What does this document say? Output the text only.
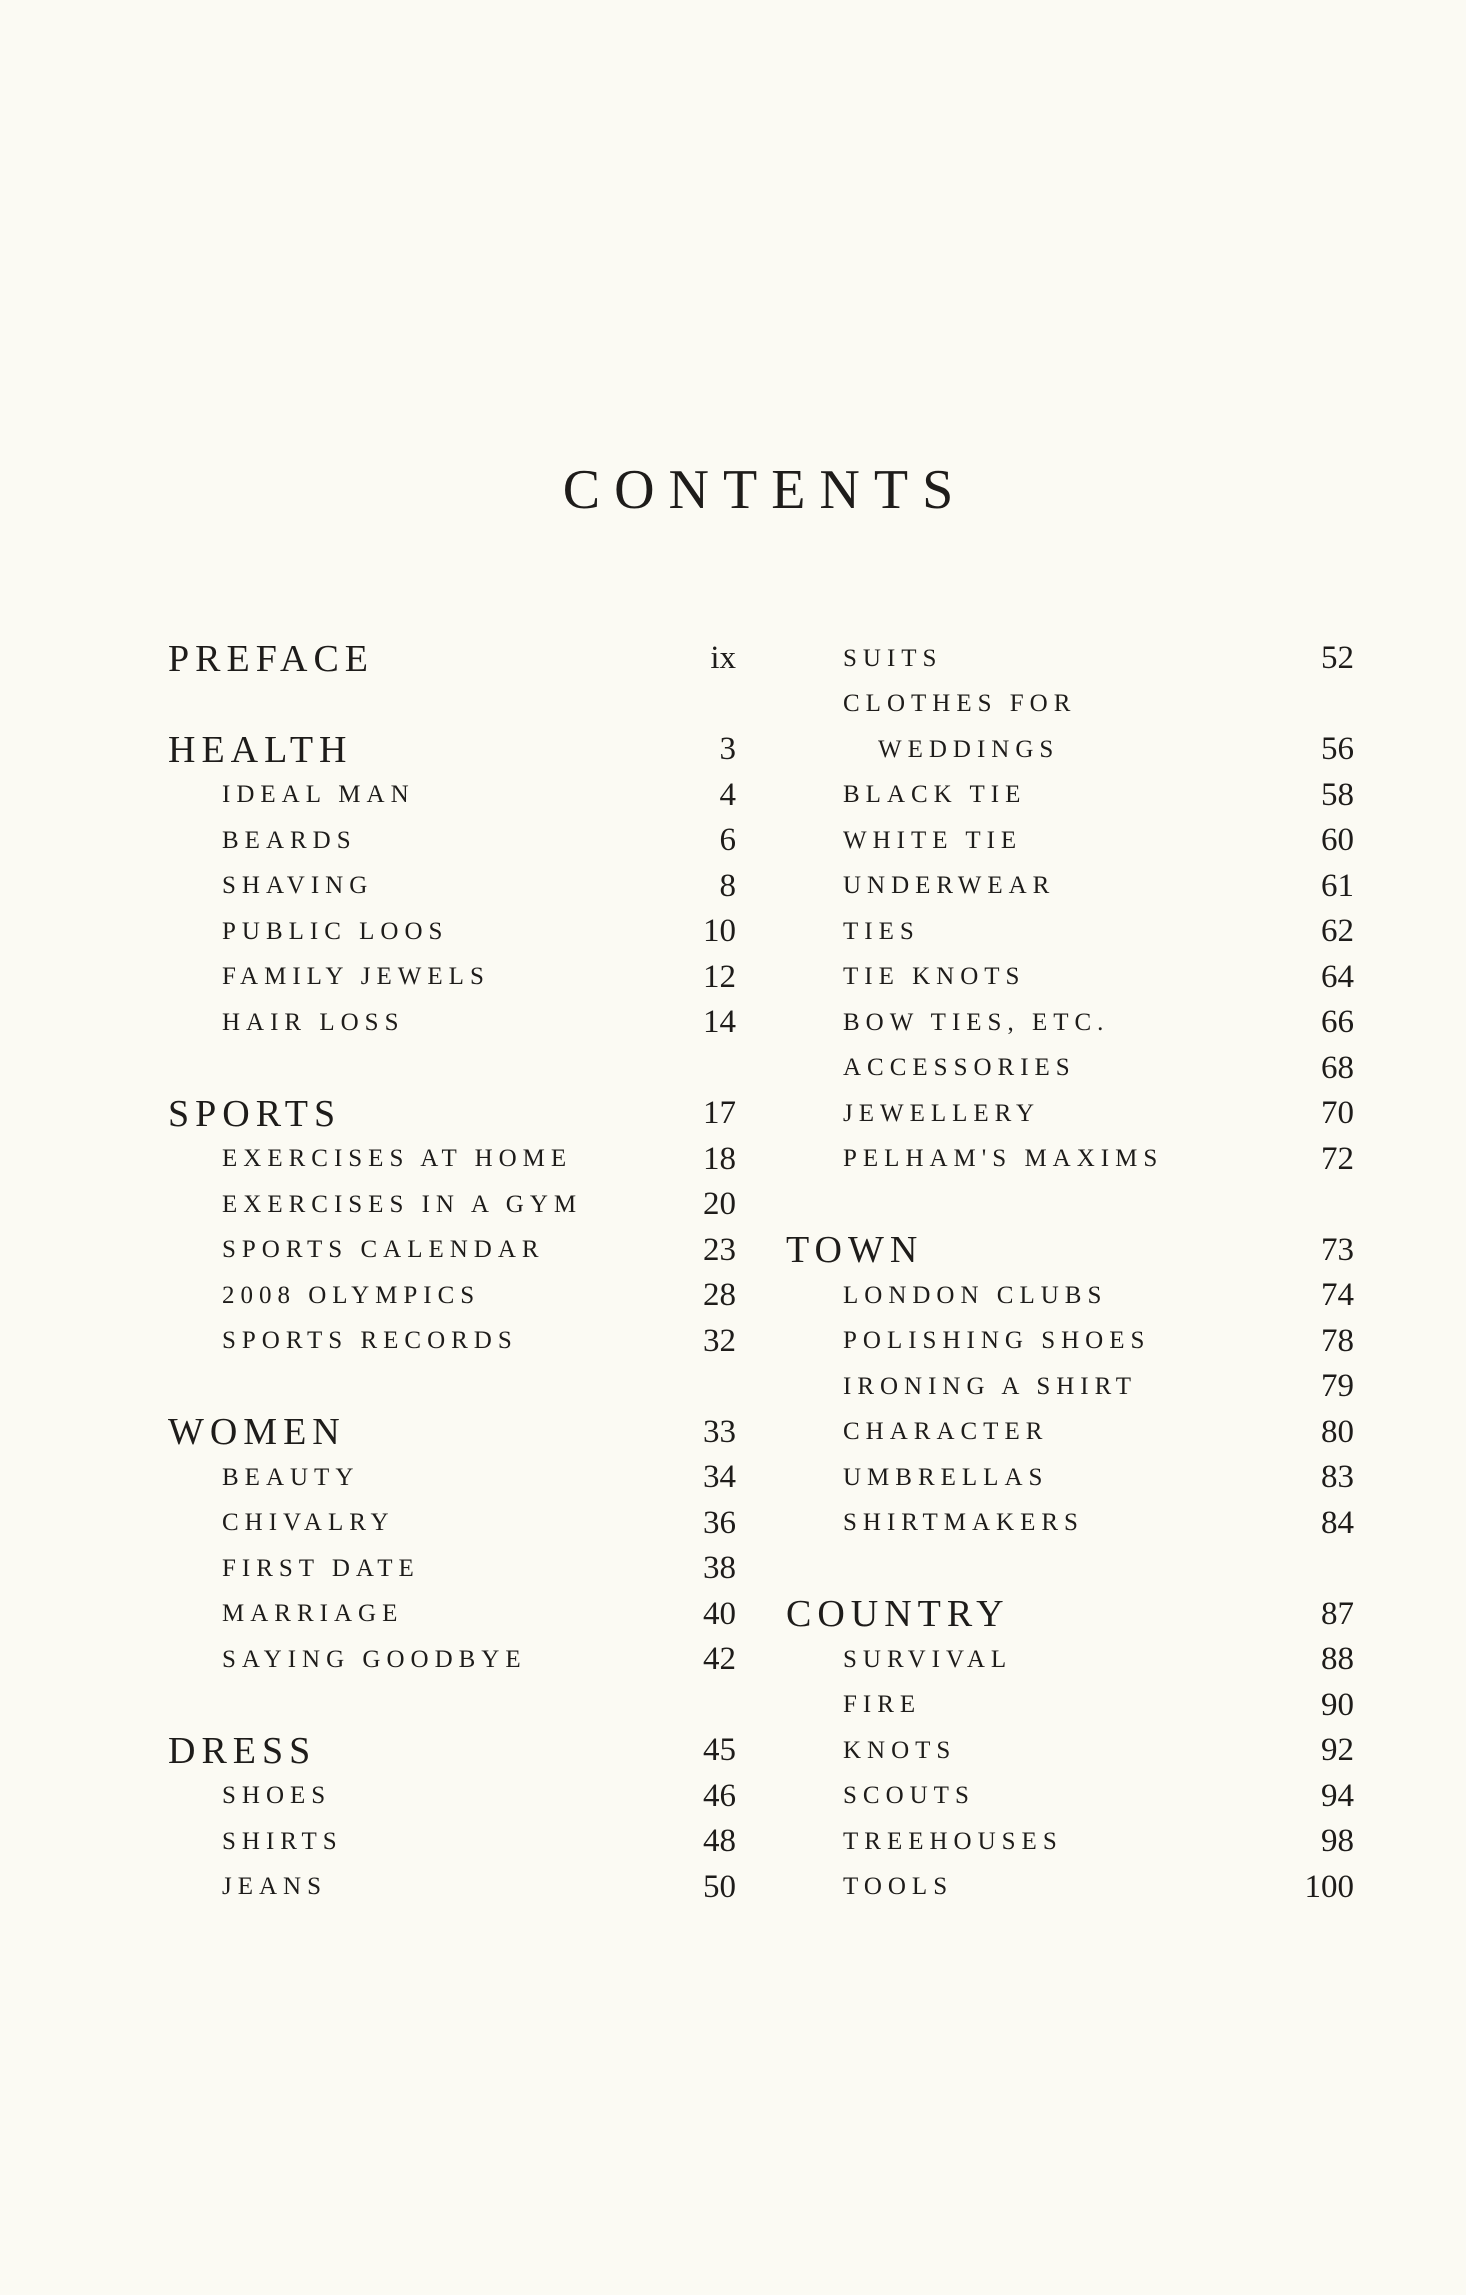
CONTENTS
PREFACE	ix
HEALTH	3
IDEAL MAN	4
BEARDS	6
SHAVING	8
PUBLIC LOOS	10
FAMILY JEWELS	12
HAIR LOSS	14
SPORTS	17
EXERCISES AT HOME	18
EXERCISES IN A GYM	20
SPORTS CALENDAR	23
2008 OLYMPICS	28
SPORTS RECORDS	32
WOMEN	33
BEAUTY	34
CHIVALRY	36
FIRST DATE	38
MARRIAGE	40
SAYING GOODBYE	42
DRESS	45
SHOES	46
SHIRTS	48
JEANS	50
SUITS	52
CLOTHES FOR
WEDDINGS	56
BLACK TIE	58
WHITE TIE	60
UNDERWEAR	61
TIES	62
TIE KNOTS	64
BOW TIES, ETC.	66
ACCESSORIES	68
JEWELLERY	70
PELHAM'S MAXIMS	72
TOWN	73
LONDON CLUBS	74
POLISHING SHOES	78
IRONING A SHIRT	79
CHARACTER	80
UMBRELLAS	83
SHIRTMAKERS	84
COUNTRY	87
SURVIVAL	88
FIRE	90
KNOTS	92
SCOUTS	94
TREEHOUSES	98
TOOLS	100
